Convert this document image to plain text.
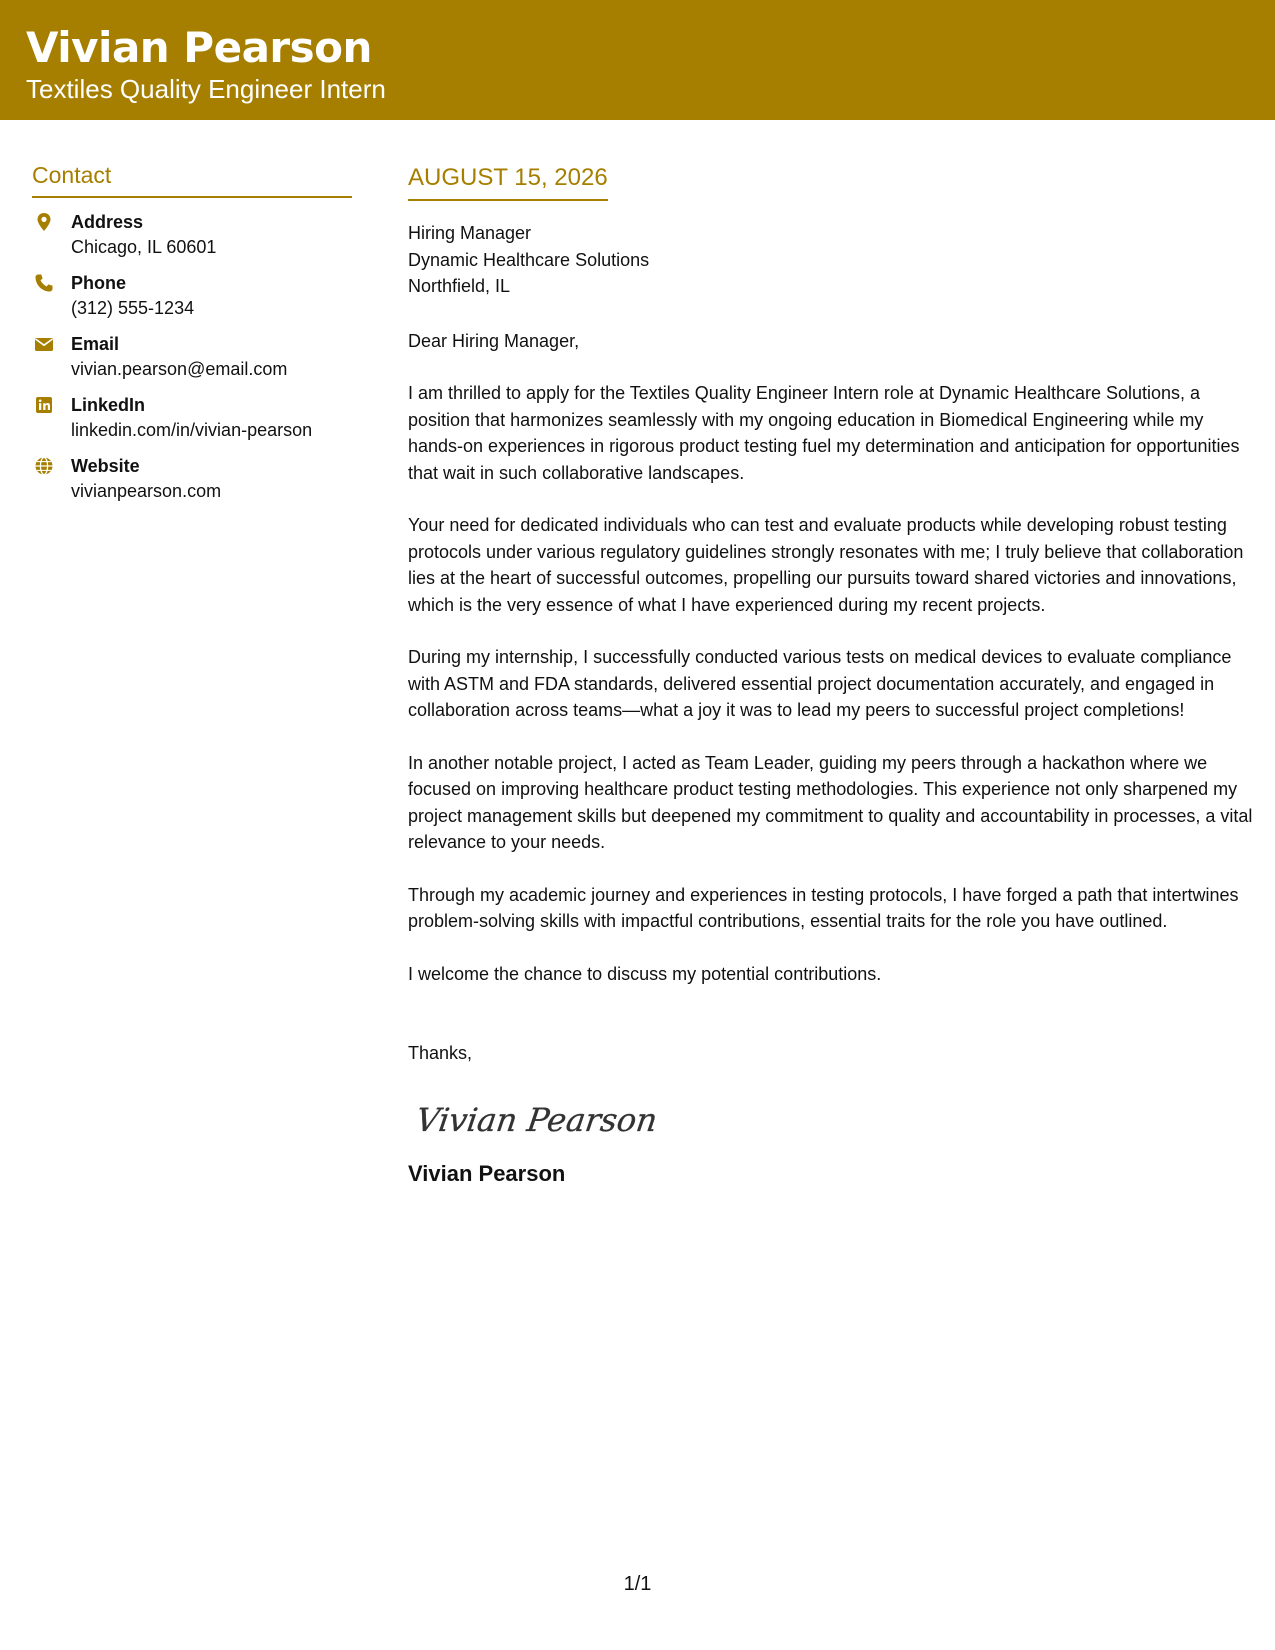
Vivian Pearson
Textiles Quality Engineer Intern
Contact
Address
Chicago, IL 60601
Phone
(312) 555-1234
Email
vivian.pearson@email.com
LinkedIn
linkedin.com/in/vivian-pearson
Website
vivianpearson.com
AUGUST 15, 2026
Hiring Manager
Dynamic Healthcare Solutions
Northfield, IL
Dear Hiring Manager,
I am thrilled to apply for the Textiles Quality Engineer Intern role at Dynamic Healthcare Solutions, a position that harmonizes seamlessly with my ongoing education in Biomedical Engineering while my hands-on experiences in rigorous product testing fuel my determination and anticipation for opportunities that wait in such collaborative landscapes.
Your need for dedicated individuals who can test and evaluate products while developing robust testing protocols under various regulatory guidelines strongly resonates with me; I truly believe that collaboration lies at the heart of successful outcomes, propelling our pursuits toward shared victories and innovations, which is the very essence of what I have experienced during my recent projects.
During my internship, I successfully conducted various tests on medical devices to evaluate compliance with ASTM and FDA standards, delivered essential project documentation accurately, and engaged in collaboration across teams—what a joy it was to lead my peers to successful project completions!
In another notable project, I acted as Team Leader, guiding my peers through a hackathon where we focused on improving healthcare product testing methodologies. This experience not only sharpened my project management skills but deepened my commitment to quality and accountability in processes, a vital relevance to your needs.
Through my academic journey and experiences in testing protocols, I have forged a path that intertwines problem-solving skills with impactful contributions, essential traits for the role you have outlined.
I welcome the chance to discuss my potential contributions.
Thanks,
Vivian Pearson
Vivian Pearson
1/1
